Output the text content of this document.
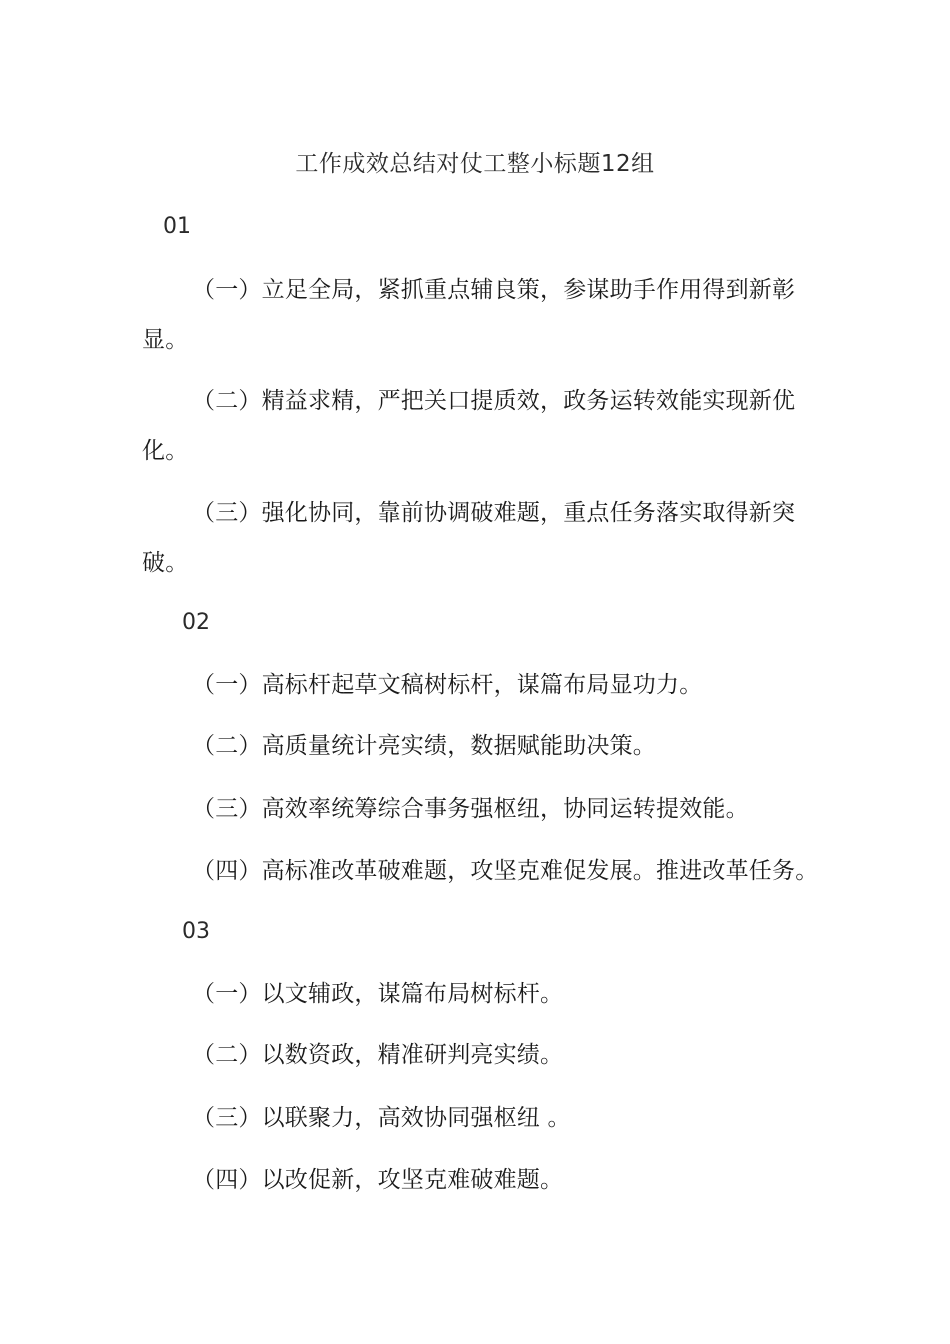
工作成效总结对仗工整小标题12组
01
（一）立足全局，紧抓重点辅良策，参谋助手作用得到新彰显。
（二）精益求精，严把关口提质效，政务运转效能实现新优化。
（三）强化协同，靠前协调破难题，重点任务落实取得新突破。
02
（一）高标杆起草文稿树标杆，谋篇布局显功力。
（二）高质量统计亮实绩，数据赋能助决策。
（三）高效率统筹综合事务强枢纽，协同运转提效能。
（四）高标准改革破难题，攻坚克难促发展。推进改革任务。
03
（一）以文辅政，谋篇布局树标杆。
（二）以数资政，精准研判亮实绩。
（三）以联聚力，高效协同强枢纽 。
（四）以改促新，攻坚克难破难题。
